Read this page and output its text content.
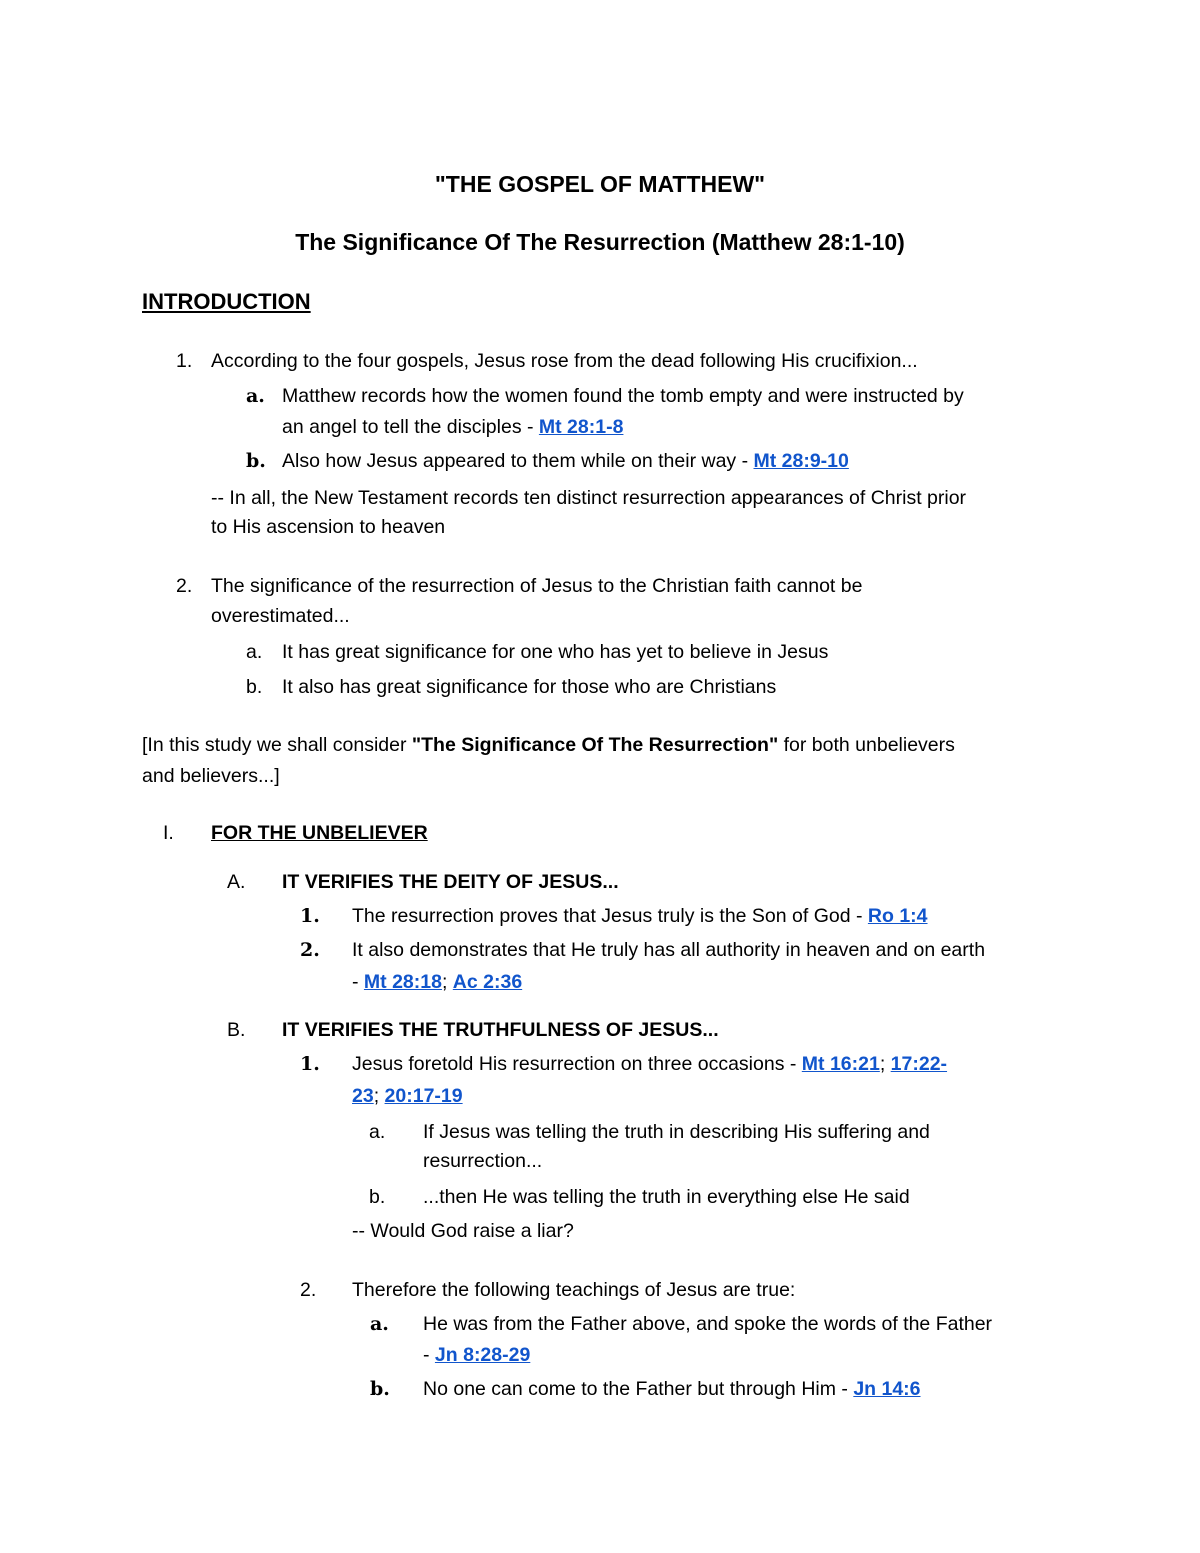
"THE GOSPEL OF MATTHEW"
The Significance Of The Resurrection (Matthew 28:1-10)
INTRODUCTION
1. According to the four gospels, Jesus rose from the dead following His crucifixion...
a. Matthew records how the women found the tomb empty and were instructed by
an angel to tell the disciples - Mt 28:1-8
b. Also how Jesus appeared to them while on their way - Mt 28:9-10
-- In all, the New Testament records ten distinct resurrection appearances of Christ prior
to His ascension to heaven
2. The significance of the resurrection of Jesus to the Christian faith cannot be
overestimated...
a. It has great significance for one who has yet to believe in Jesus
b. It also has great significance for those who are Christians
[In this study we shall consider "The Significance Of The Resurrection" for both unbelievers
and believers...]
I. FOR THE UNBELIEVER
A. IT VERIFIES THE DEITY OF JESUS...
1. The resurrection proves that Jesus truly is the Son of God - Ro 1:4
2. It also demonstrates that He truly has all authority in heaven and on earth
- Mt 28:18; Ac 2:36
B. IT VERIFIES THE TRUTHFULNESS OF JESUS...
1. Jesus foretold His resurrection on three occasions - Mt 16:21; 17:22-
23; 20:17-19
a. If Jesus was telling the truth in describing His suffering and
resurrection...
b. ...then He was telling the truth in everything else He said
-- Would God raise a liar?
2. Therefore the following teachings of Jesus are true:
a. He was from the Father above, and spoke the words of the Father
- Jn 8:28-29
b. No one can come to the Father but through Him - Jn 14:6
